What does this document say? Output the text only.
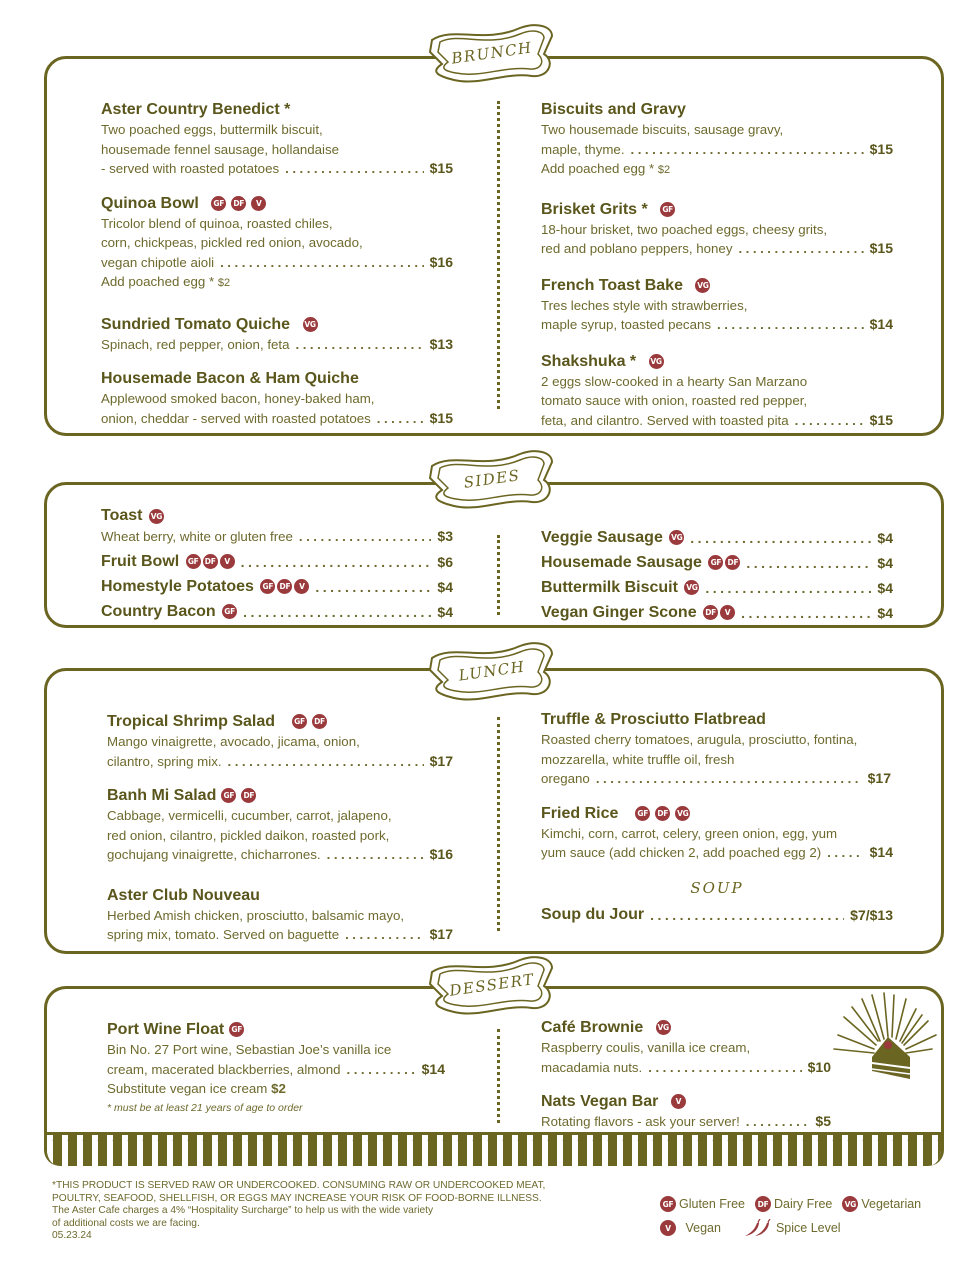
Aster Country Benedict *
Two poached eggs, buttermilk biscuit,
housemade fennel sausage, hollandaise
- served with roasted potatoes .....	$15
Quinoa Bowl
GF DF	V
Tricolor blend of quinoa, roasted chiles,
corn, chickpeas, pickled red onion, avocado,
vegan chipotle aioli .....	$16
Add poached egg * $2
Sundried Tomato Quiche
VG
Spinach, red pepper, onion, feta .....	$13
Housemade Bacon & Ham Quiche
Applewood smoked bacon, honey-baked ham,
onion, cheddar - served with roasted potatoes .....	$15
Biscuits and Gravy
Two housemade biscuits, sausage gravy,
maple, thyme. .....	$15
Add poached egg * $2
Brisket Grits *
GF
18-hour brisket, two poached eggs, cheesy grits,
red and poblano peppers, honey .....	$15
French Toast Bake
VG
Tres leches style with strawberries,
maple syrup, toasted pecans .....	$14
Shakshuka *
VG
2 eggs slow-cooked in a hearty San Marzano
tomato sauce with onion, roasted red pepper,
feta, and cilantro. Served with toasted pita .....	$15
Toast
VG
Wheat berry, white or gluten free .....	$3
Fruit Bowl
GF DF	V .....	$6
Homestyle Potatoes
GF DF	V .....	$4
Country Bacon
GF .....	$4
Veggie Sausage
VG .....	$4
Housemade Sausage
GF DF .....	$4
Buttermilk Biscuit
VG .....	$4
Vegan Ginger Scone
DF	V .....	$4
Tropical Shrimp Salad
	GF DF
Mango vinaigrette, avocado, jicama, onion,
cilantro, spring mix. .....	$17
Banh Mi Salad GF DF
Cabbage, vermicelli, cucumber, carrot, jalapeno,
red onion, cilantro, pickled daikon, roasted pork,
gochujang vinaigrette, chicharrones. .....	$16
Aster Club Nouveau
Herbed Amish chicken, prosciutto, balsamic mayo,
spring mix, tomato. Served on baguette .....	$17
Truffle & Prosciutto Flatbread
Roasted cherry tomatoes, arugula, prosciutto, fontina,
mozzarella, white truffle oil, fresh
oregano .....	$17
Fried Rice
	GF DF VG
Kimchi, corn, carrot, celery, green onion, egg, yum
yum sauce (add chicken 2, add poached egg 2) .....	$14
SOUP
Soup du Jour .....	$7/$13
Port Wine Float GF
Bin No. 27 Port wine, Sebastian Joe’s vanilla ice
cream, macerated blackberries, almond .....	$14
Substitute vegan ice cream $2
* must be at least 21 years of age to order
Café Brownie
VG
Raspberry coulis, vanilla ice cream,
macadamia nuts. .....	$10
Nats Vegan Bar
	V
Rotating flavors - ask your server! .....	$5
BRUNCH
SIDES
LUNCH
DESSERT
*THIS PRODUCT IS SERVED RAW OR UNDERCOOKED. CONSUMING RAW OR UNDERCOOKED MEAT,
POULTRY, SEAFOOD, SHELLFISH, OR EGGS MAY INCREASE YOUR RISK OF FOOD-BORNE ILLNESS.
The Aster Cafe charges a 4% “Hospitality Surcharge” to help us with the wide variety
of additional costs we are facing.
05.23.24
GF Gluten Free	DF Dairy Free	VG Vegetarian
V
	Vegan	Spice Level
